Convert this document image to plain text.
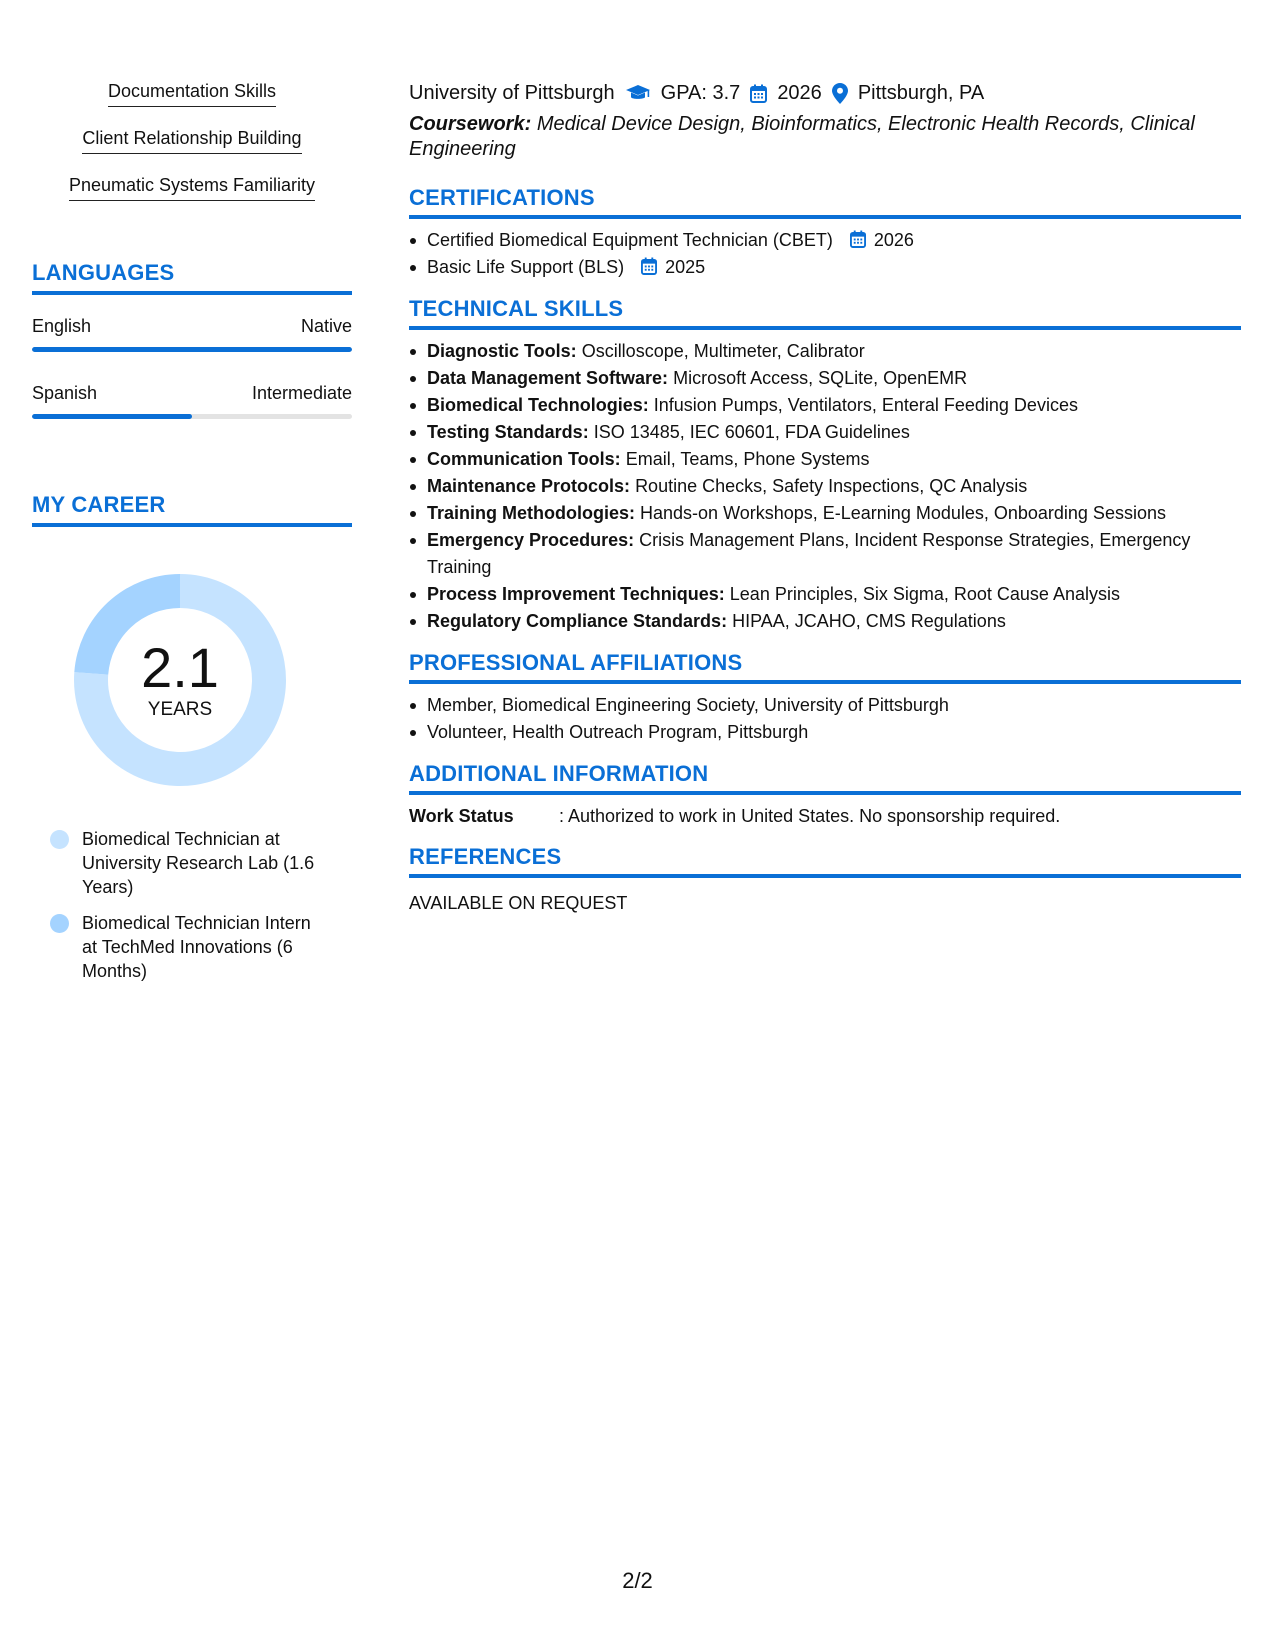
Documentation Skills
Client Relationship Building
Pneumatic Systems Familiarity
LANGUAGES
English	Native
Spanish	Intermediate
MY CAREER
2.1
YEARS
Biomedical Technician at University Research Lab (1.6 Years)
Biomedical Technician Intern at TechMed Innovations (6 Months)
University of Pittsburgh GPA: 3.7 2026 Pittsburgh, PA
Coursework: Medical Device Design, Bioinformatics, Electronic Health Records, Clinical Engineering
CERTIFICATIONS
Certified Biomedical Equipment Technician (CBET) 2026
Basic Life Support (BLS) 2025
TECHNICAL SKILLS
Diagnostic Tools: Oscilloscope, Multimeter, Calibrator
Data Management Software: Microsoft Access, SQLite, OpenEMR
Biomedical Technologies: Infusion Pumps, Ventilators, Enteral Feeding Devices
Testing Standards: ISO 13485, IEC 60601, FDA Guidelines
Communication Tools: Email, Teams, Phone Systems
Maintenance Protocols: Routine Checks, Safety Inspections, QC Analysis
Training Methodologies: Hands-on Workshops, E-Learning Modules, Onboarding Sessions
Emergency Procedures: Crisis Management Plans, Incident Response Strategies, Emergency Training
Process Improvement Techniques: Lean Principles, Six Sigma, Root Cause Analysis
Regulatory Compliance Standards: HIPAA, JCAHO, CMS Regulations
PROFESSIONAL AFFILIATIONS
Member, Biomedical Engineering Society, University of Pittsburgh
Volunteer, Health Outreach Program, Pittsburgh
ADDITIONAL INFORMATION
Work Status	: Authorized to work in United States. No sponsorship required.
REFERENCES
AVAILABLE ON REQUEST
2/2
